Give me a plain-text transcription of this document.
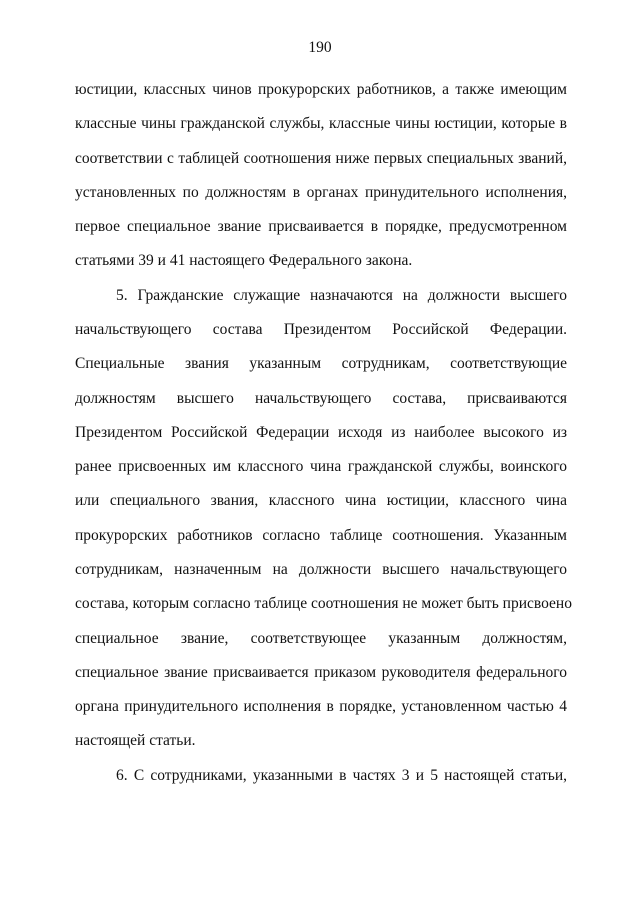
190
юстиции, классных чинов прокурорских работников, а также имеющим
классные чины гражданской службы, классные чины юстиции, которые в
соответствии с таблицей соотношения ниже первых специальных званий,
установленных по должностям в органах принудительного исполнения,
первое специальное звание присваивается в порядке, предусмотренном
статьями 39 и 41 настоящего Федерального закона.
5. Гражданские служащие назначаются на должности высшего
начальствующего состава Президентом Российской Федерации.
Специальные звания указанным сотрудникам, соответствующие
должностям высшего начальствующего состава, присваиваются
Президентом Российской Федерации исходя из наиболее высокого из
ранее присвоенных им классного чина гражданской службы, воинского
или специального звания, классного чина юстиции, классного чина
прокурорских работников согласно таблице соотношения. Указанным
сотрудникам, назначенным на должности высшего начальствующего
состава, которым согласно таблице соотношения не может быть присвоено
специальное звание, соответствующее указанным должностям,
специальное звание присваивается приказом руководителя федерального
органа принудительного исполнения в порядке, установленном частью 4
настоящей статьи.
6. С сотрудниками, указанными в частях 3 и 5 настоящей статьи,
